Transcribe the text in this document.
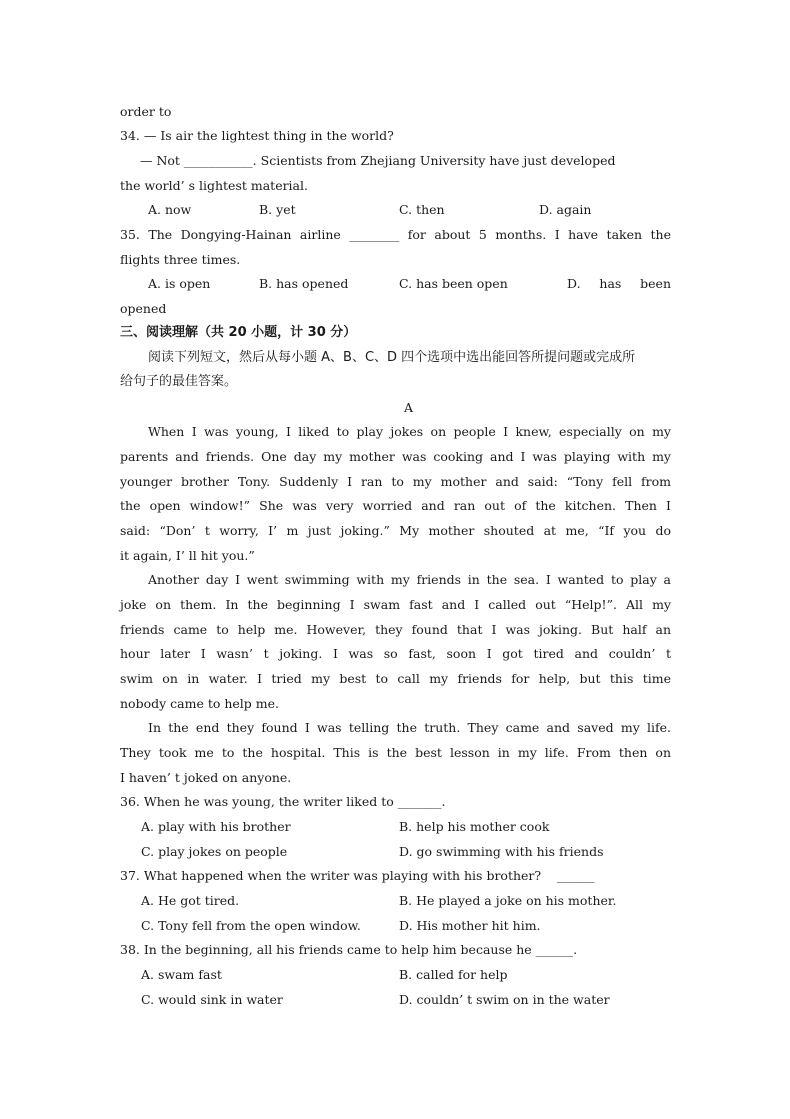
order to
34. — Is air the lightest thing in the world?
— Not ___________. Scientists from Zhejiang University have just developed
the world’ s lightest material.
A. now	B. yet	C. then	D. again
35. The Dongying-Hainan airline ________ for about 5 months. I have taken the
flights three times.
A. is open	B. has opened	C. has been open	D. has been
opened
三、阅读理解（共 20 小题，计 30 分）
阅读下列短文，然后从每小题 A、B、C、D 四个选项中选出能回答所提问题或完成所
给句子的最佳答案。
A
When I was young, I liked to play jokes on people I knew, especially on my
parents and friends. One day my mother was cooking and I was playing with my
younger brother Tony. Suddenly I ran to my mother and said: “Tony fell from
the open window!” She was very worried and ran out of the kitchen. Then I
said: “Don’ t worry, I’ m just joking.” My mother shouted at me, “If you do
it again, I’ ll hit you.”
Another day I went swimming with my friends in the sea. I wanted to play a
joke on them. In the beginning I swam fast and I called out “Help!”. All my
friends came to help me. However, they found that I was joking. But half an
hour later I wasn’ t joking. I was so fast, soon I got tired and couldn’ t
swim on in water. I tried my best to call my friends for help, but this time
nobody came to help me.
In the end they found I was telling the truth. They came and saved my life.
They took me to the hospital. This is the best lesson in my life. From then on
I haven’ t joked on anyone.
36. When he was young, the writer liked to _______.
A. play with his brother	B. help his mother cook
C. play jokes on people	D. go swimming with his friends
37. What happened when the writer was playing with his brother?    ______
A. He got tired.	B. He played a joke on his mother.
C. Tony fell from the open window.	D. His mother hit him.
38. In the beginning, all his friends came to help him because he ______.
A. swam fast	B. called for help
C. would sink in water	D. couldn’ t swim on in the water
